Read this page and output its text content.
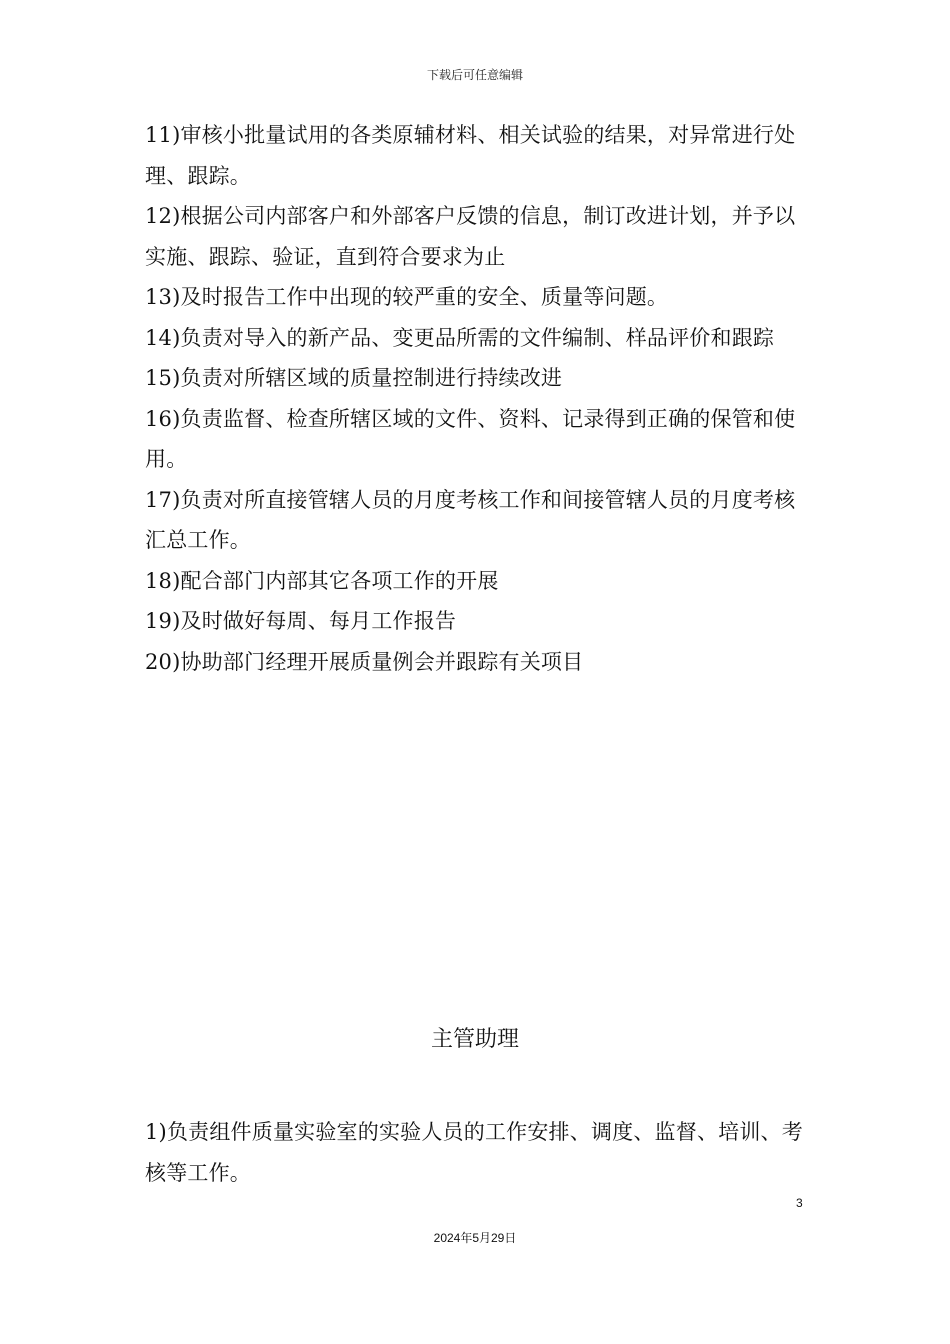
下载后可任意编辑

11)审核小批量试用的各类原辅材料、相关试验的结果，对异常进行处理、跟踪。

12)根据公司内部客户和外部客户反馈的信息，制订改进计划，并予以实施、跟踪、验证，直到符合要求为止

13)及时报告工作中出现的较严重的安全、质量等问题。

14)负责对导入的新产品、变更品所需的文件编制、样品评价和跟踪

15)负责对所辖区域的质量控制进行持续改进

16)负责监督、检查所辖区域的文件、资料、记录得到正确的保管和使用。

17)负责对所直接管辖人员的月度考核工作和间接管辖人员的月度考核汇总工作。

18)配合部门内部其它各项工作的开展

19)及时做好每周、每月工作报告

20)协助部门经理开展质量例会并跟踪有关项目

主管助理

1)负责组件质量实验室的实验人员的工作安排、调度、监督、培训、考核等工作。

3
2024年5月29日
